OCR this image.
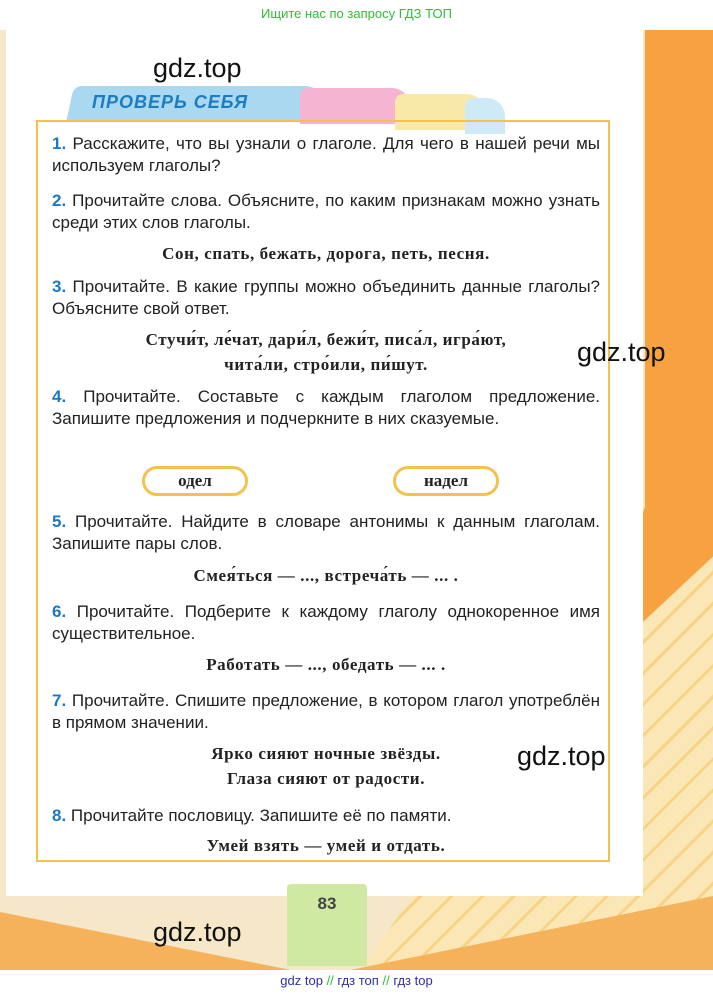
Ищите нас по запросу ГДЗ ТОП
gdz.top
ПРОВЕРЬ СЕБЯ
1. Расскажите, что вы узнали о глаголе. Для чего в нашей речи мы используем глаголы?
2. Прочитайте слова. Объясните, по каким признакам можно узнать среди этих слов глаголы.
Сон, спать, бежать, дорога, петь, песня.
3. Прочитайте. В какие группы можно объединить данные глаголы? Объясните свой ответ.
Стучи́т, ле́чат, дари́л, бежи́т, писа́л, игра́ют,
чита́ли, стро́или, пи́шут.	gdz.top
4. Прочитайте. Составьте с каждым глаголом предложение. Запишите предложения и подчеркните в них сказуемые.
одел	надел
5. Прочитайте. Найдите в словаре антонимы к данным глаголам. Запишите пары слов.
Смея́ться — ..., встреча́ть — ... .
6. Прочитайте. Подберите к каждому глаголу однокоренное имя существительное.
Работать — ..., обедать — ... .
7. Прочитайте. Спишите предложение, в котором глагол употреблён в прямом значении.
Ярко сияют ночные звёзды.
Глаза сияют от радости.
gdz.top
8. Прочитайте пословицу. Запишите её по памяти.
Умей взять — умей и отдать.
83
gdz.top
gdz top // гдз топ // гдз top
